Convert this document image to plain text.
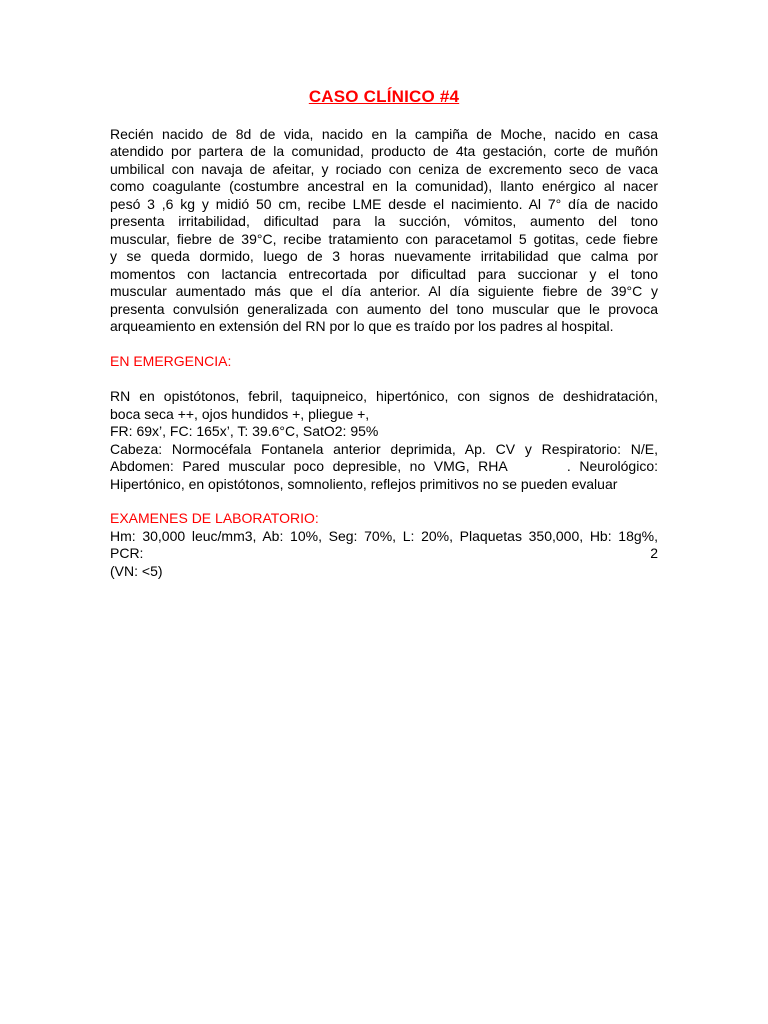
CASO CLÍNICO #4
Recién nacido de 8d de vida, nacido en la campiña de Moche, nacido en casa
atendido por partera de la comunidad, producto de 4ta gestación, corte de muñón
umbilical con navaja de afeitar, y rociado con ceniza de excremento seco de vaca
como coagulante (costumbre ancestral en la comunidad), llanto enérgico al nacer
pesó 3 ,6 kg y midió 50 cm, recibe LME desde el nacimiento. Al 7° día de nacido
presenta irritabilidad, dificultad para la succión, vómitos, aumento del tono
muscular, fiebre de 39°C, recibe tratamiento con paracetamol 5 gotitas, cede fiebre
y se queda dormido, luego de 3 horas nuevamente irritabilidad que calma por
momentos con lactancia entrecortada por dificultad para succionar y el tono
muscular aumentado más que el día anterior. Al día siguiente fiebre de 39°C y
presenta convulsión generalizada con aumento del tono muscular que le provoca
arqueamiento en extensión del RN por lo que es traído por los padres al hospital.
EN EMERGENCIA:
RN en opistótonos, febril, taquipneico, hipertónico, con signos de deshidratación,
boca seca ++, ojos hundidos +, pliegue +,
FR: 69x’, FC: 165x’, T: 39.6°C, SatO2: 95%
Cabeza: Normocéfala Fontanela anterior deprimida, Ap. CV y Respiratorio: N/E,
Abdomen: Pared muscular poco depresible, no VMG, RHA       . Neurológico:
Hipertónico, en opistótonos, somnoliento, reflejos primitivos no se pueden evaluar
EXAMENES DE LABORATORIO:
Hm: 30,000 leuc/mm3, Ab: 10%, Seg: 70%, L: 20%, Plaquetas 350,000, Hb: 18g%, PCR: 2
(VN: <5)
